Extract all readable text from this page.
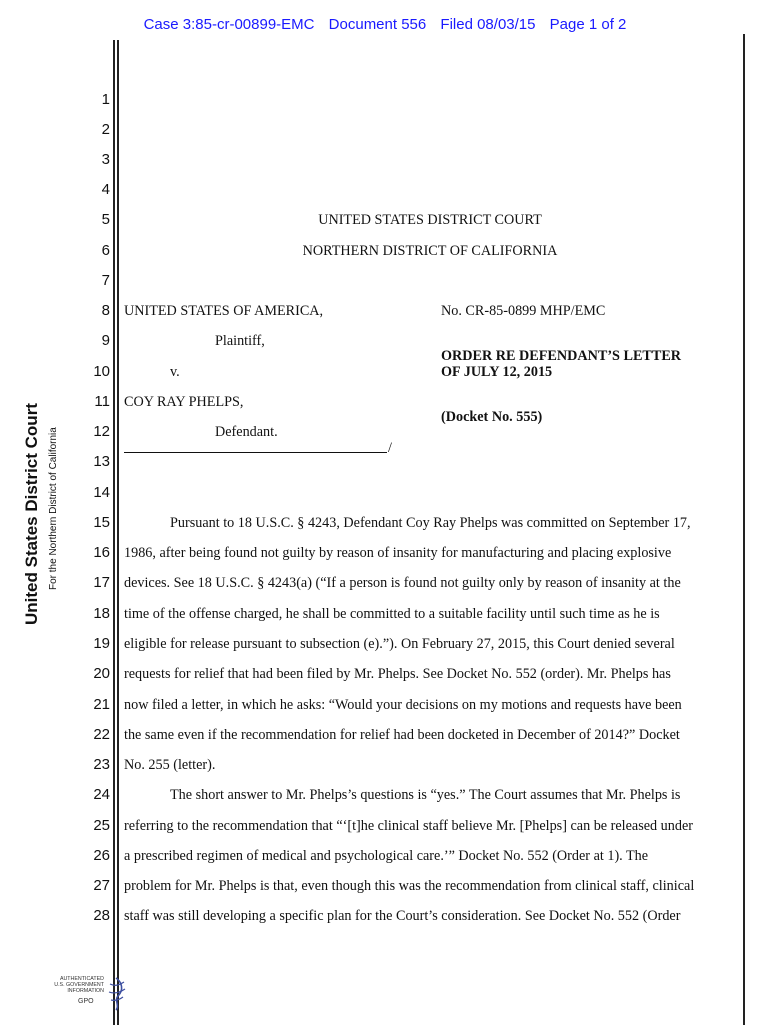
Case 3:85-cr-00899-EMC Document 556 Filed 08/03/15 Page 1 of 2
United States District Court For the Northern District of California
1
2
3
4
5
6
7
8
9
10
11
12
13
14
15
16
17
18
19
20
21
22
23
24
25
26
27
28
UNITED STATES DISTRICT COURT
NORTHERN DISTRICT OF CALIFORNIA
UNITED STATES OF AMERICA,
Plaintiff,
v.
COY RAY PHELPS,
Defendant.
/
No. CR-85-0899 MHP/EMC
ORDER RE DEFENDANT’S LETTER
OF JULY 12, 2015
(Docket No. 555)
Pursuant to 18 U.S.C. § 4243, Defendant Coy Ray Phelps was committed on September 17,
1986, after being found not guilty by reason of insanity for manufacturing and placing explosive
devices. See 18 U.S.C. § 4243(a) (“If a person is found not guilty only by reason of insanity at the
time of the offense charged, he shall be committed to a suitable facility until such time as he is
eligible for release pursuant to subsection (e).”). On February 27, 2015, this Court denied several
requests for relief that had been filed by Mr. Phelps. See Docket No. 552 (order). Mr. Phelps has
now filed a letter, in which he asks: “Would your decisions on my motions and requests have been
the same even if the recommendation for relief had been docketed in December of 2014?” Docket
No. 255 (letter).
The short answer to Mr. Phelps’s questions is “yes.” The Court assumes that Mr. Phelps is
referring to the recommendation that “‘[t]he clinical staff believe Mr. [Phelps] can be released under
a prescribed regimen of medical and psychological care.’” Docket No. 552 (Order at 1). The
problem for Mr. Phelps is that, even though this was the recommendation from clinical staff, clinical
staff was still developing a specific plan for the Court’s consideration. See Docket No. 552 (Order
AUTHENTICATED
U.S. GOVERNMENT
INFORMATION
GPO
